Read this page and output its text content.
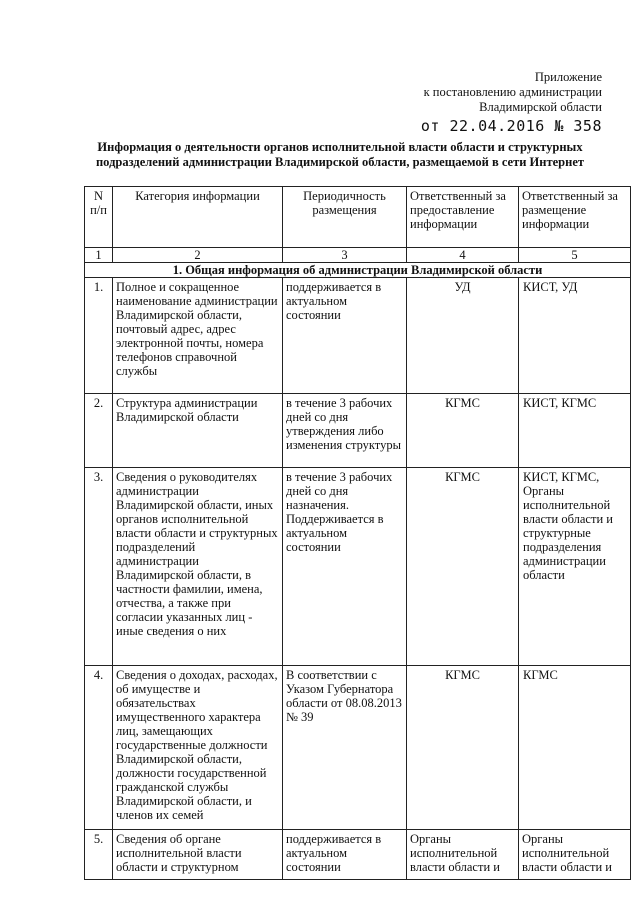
Приложение
к постановлению администрации
Владимирской области
от 22.04.2016 № 358
Информация о деятельности органов исполнительной власти области и структурных
подразделений администрации Владимирской области, размещаемой в сети Интернет
N п/п	Категория информации	Периодичность размещения	Ответственный за предоставление информации	Ответственный за размещение информации
1	2	3	4	5
1. Общая информация об администрации Владимирской области				
1.	Полное и сокращенное наименование администрации Владимирской области, почтовый адрес, адрес электронной почты, номера телефонов справочной службы	поддерживается в актуальном состоянии	УД	КИСТ, УД
2.	Структура администрации Владимирской области	в течение 3 рабочих дней со дня утверждения либо изменения структуры	КГМС	КИСТ, КГМС
3.	Сведения о руководителях администрации Владимирской области, иных органов исполнительной власти области и структурных подразделений администрации Владимирской области, в частности фамилии, имена, отчества, а также при согласии указанных лиц - иные сведения о них	в течение 3 рабочих дней со дня назначения. Поддерживается в актуальном состоянии	КГМС	КИСТ, КГМС, Органы исполнительной власти области и структурные подразделения администрации области
4.	Сведения о доходах, расходах, об имуществе и обязательствах имущественного характера лиц, замещающих государственные должности Владимирской области, должности государственной гражданской службы Владимирской области, и членов их семей	В соответствии с Указом Губернатора области от 08.08.2013 № 39	КГМС	КГМС
5.	Сведения об органе исполнительной власти области и структурном	поддерживается в актуальном состоянии	Органы исполнительной власти области и	Органы исполнительной власти области и
